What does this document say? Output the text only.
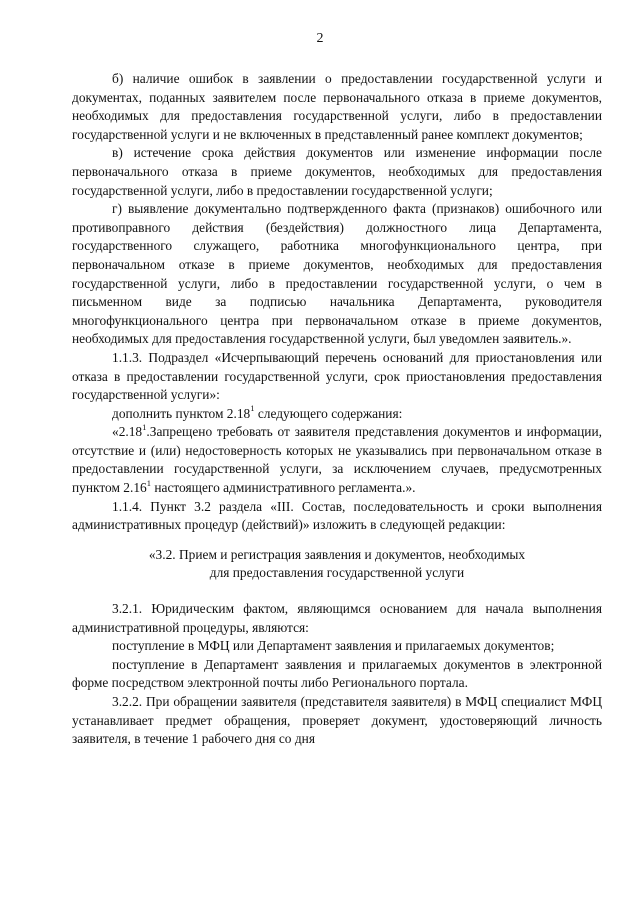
2

б) наличие ошибок в заявлении о предоставлении государственной услуги и документах, поданных заявителем после первоначального отказа в приеме документов, необходимых для предоставления государственной услуги, либо в предоставлении государственной услуги и не включенных в представленный ранее комплект документов;

в) истечение срока действия документов или изменение информации после первоначального отказа в приеме документов, необходимых для предоставления государственной услуги, либо в предоставлении государственной услуги;

г) выявление документально подтвержденного факта (признаков) ошибочного или противоправного действия (бездействия) должностного лица Департамента, государственного служащего, работника многофункционального центра, при первоначальном отказе в приеме документов, необходимых для предоставления государственной услуги, либо в предоставлении государственной услуги, о чем в письменном виде за подписью начальника Департамента, руководителя многофункционального центра при первоначальном отказе в приеме документов, необходимых для предоставления государственной услуги, был уведомлен заявитель.».

1.1.3. Подраздел «Исчерпывающий перечень оснований для приостановления или отказа в предоставлении государственной услуги, срок приостановления предоставления государственной услуги»:

дополнить пунктом 2.18$^1$ следующего содержания:

«2.18$^1$.Запрещено требовать от заявителя представления документов и информации, отсутствие и (или) недостоверность которых не указывались при первоначальном отказе в предоставлении государственной услуги, за исключением случаев, предусмотренных пунктом 2.16$^1$ настоящего административного регламента.».

1.1.4. Пункт 3.2 раздела «III. Состав, последовательность и сроки выполнения административных процедур (действий)» изложить в следующей редакции:

«3.2. Прием и регистрация заявления и документов, необходимых
для предоставления государственной услуги

3.2.1. Юридическим фактом, являющимся основанием для начала выполнения административной процедуры, являются:

поступление в МФЦ или Департамент заявления и прилагаемых документов;

поступление в Департамент заявления и прилагаемых документов в электронной форме посредством электронной почты либо Регионального портала.

3.2.2. При обращении заявителя (представителя заявителя) в МФЦ специалист МФЦ устанавливает предмет обращения, проверяет документ, удостоверяющий личность заявителя, в течение 1 рабочего дня со дня
